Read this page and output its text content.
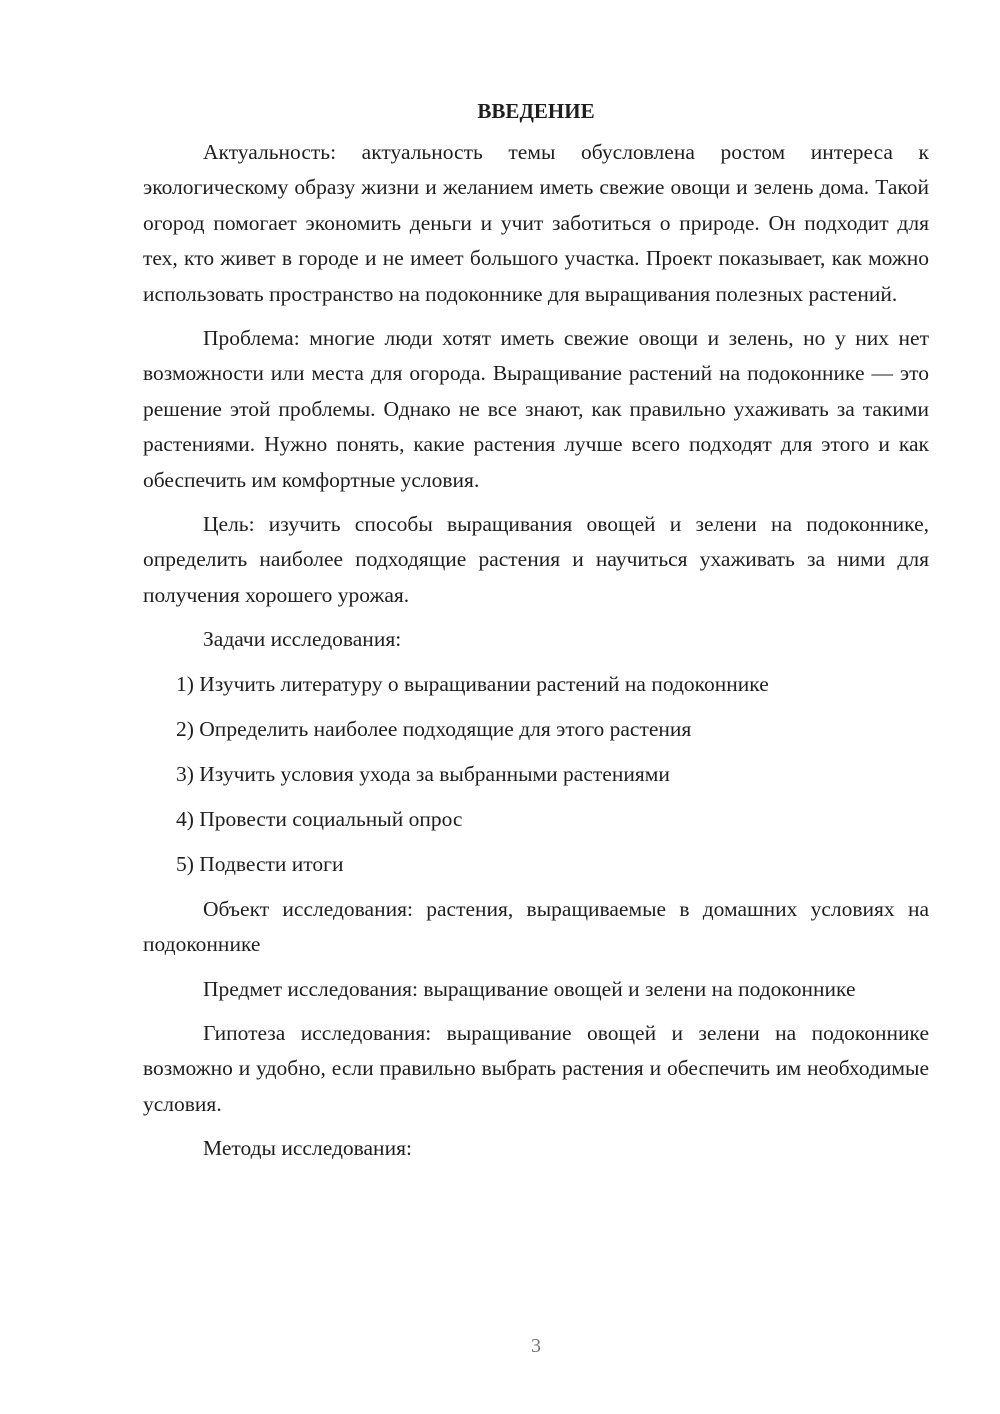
ВВЕДЕНИЕ

Актуальность: актуальность темы обусловлена ростом интереса к экологическому образу жизни и желанием иметь свежие овощи и зелень дома. Такой огород помогает экономить деньги и учит заботиться о природе. Он подходит для тех, кто живет в городе и не имеет большого участка. Проект показывает, как можно использовать пространство на подоконнике для выращивания полезных растений.

Проблема: многие люди хотят иметь свежие овощи и зелень, но у них нет возможности или места для огорода. Выращивание растений на подоконнике — это решение этой проблемы. Однако не все знают, как правильно ухаживать за такими растениями. Нужно понять, какие растения лучше всего подходят для этого и как обеспечить им комфортные условия.

Цель: изучить способы выращивания овощей и зелени на подоконнике, определить наиболее подходящие растения и научиться ухаживать за ними для получения хорошего урожая.

Задачи исследования:

1) Изучить литературу о выращивании растений на подоконнике

2) Определить наиболее подходящие для этого растения

3) Изучить условия ухода за выбранными растениями

4) Провести социальный опрос

5) Подвести итоги

Объект исследования: растения, выращиваемые в домашних условиях на подоконнике

Предмет исследования: выращивание овощей и зелени на подоконнике

Гипотеза исследования: выращивание овощей и зелени на подоконнике возможно и удобно, если правильно выбрать растения и обеспечить им необходимые условия.

Методы исследования:

3
